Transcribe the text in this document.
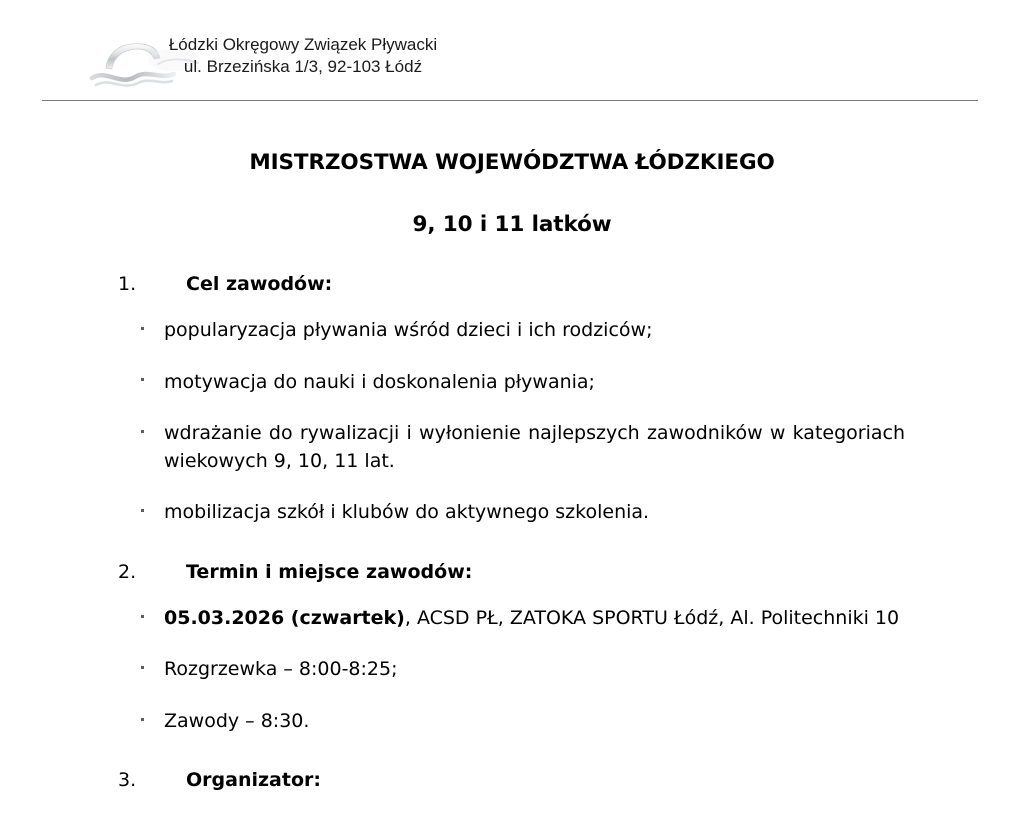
Łódzki Okręgowy Związek Pływacki
ul. Brzezińska 1/3, 92-103 Łódź
MISTRZOSTWA WOJEWÓDZTWA ŁÓDZKIEGO
9, 10 i 11 latków
1.	Cel zawodów:
popularyzacja pływania wśród dzieci i ich rodziców;
motywacja do nauki i doskonalenia pływania;
wdrażanie do rywalizacji i wyłonienie najlepszych zawodników w kategoriach wiekowych 9, 10, 11 lat.
mobilizacja szkół i klubów do aktywnego szkolenia.
2.	Termin i miejsce zawodów:
05.03.2026 (czwartek), ACSD PŁ, ZATOKA SPORTU Łódź, Al. Politechniki 10
Rozgrzewka – 8:00-8:25;
Zawody – 8:30.
3.	Organizator:
